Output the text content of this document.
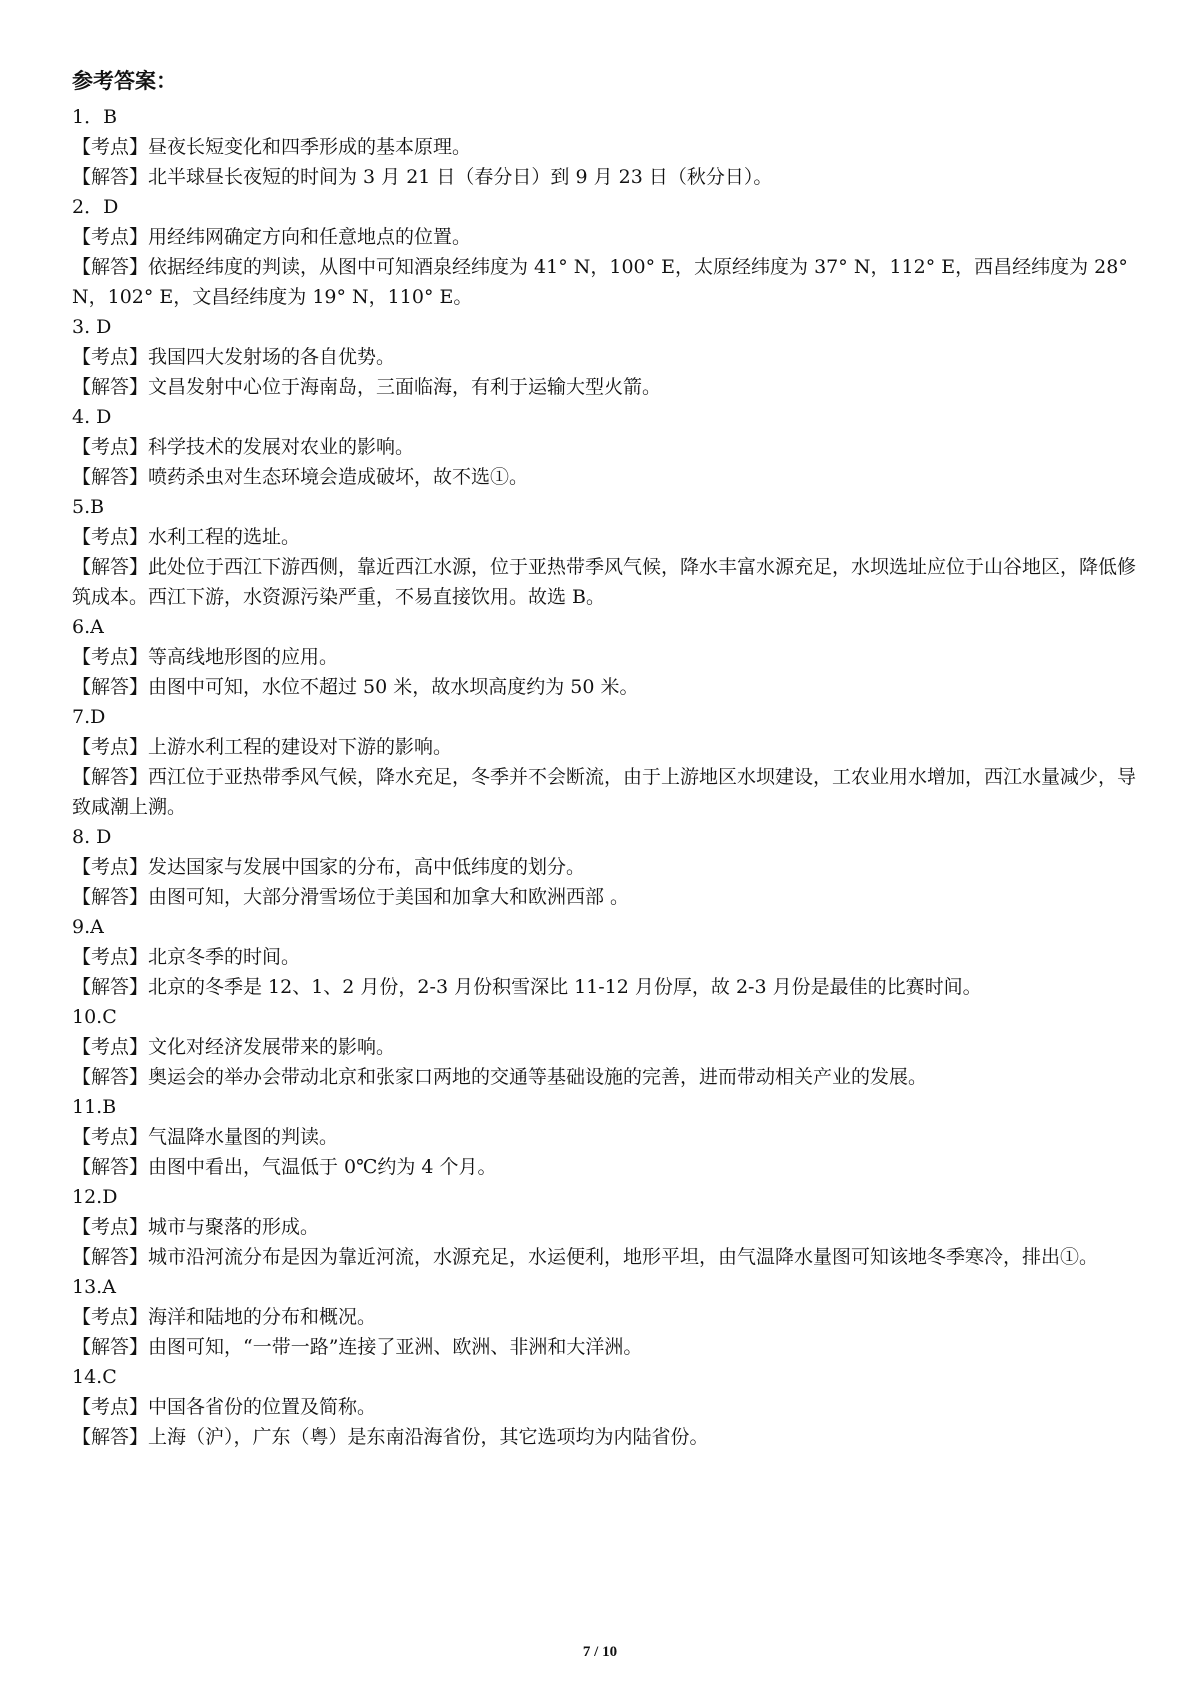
参考答案：
1．B
【考点】昼夜长短变化和四季形成的基本原理。
【解答】北半球昼长夜短的时间为 3 月 21 日（春分日）到 9 月 23 日（秋分日）。
2．D
【考点】用经纬网确定方向和任意地点的位置。
【解答】依据经纬度的判读，从图中可知酒泉经纬度为 41° N，100° E，太原经纬度为 37° N，112° E，西昌经纬度为 28° N，102° E，文昌经纬度为 19° N，110° E。
3. D
【考点】我国四大发射场的各自优势。
【解答】文昌发射中心位于海南岛，三面临海，有利于运输大型火箭。
4. D
【考点】科学技术的发展对农业的影响。
【解答】喷药杀虫对生态环境会造成破坏，故不选①。
5.B
【考点】水利工程的选址。
【解答】此处位于西江下游西侧，靠近西江水源，位于亚热带季风气候，降水丰富水源充足，水坝选址应位于山谷地区，降低修筑成本。西江下游，水资源污染严重，不易直接饮用。故选 B。
6.A
【考点】等高线地形图的应用。
【解答】由图中可知，水位不超过 50 米，故水坝高度约为 50 米。
7.D
【考点】上游水利工程的建设对下游的影响。
【解答】西江位于亚热带季风气候，降水充足，冬季并不会断流，由于上游地区水坝建设，工农业用水增加，西江水量减少，导致咸潮上溯。
8. D
【考点】发达国家与发展中国家的分布，高中低纬度的划分。
【解答】由图可知，大部分滑雪场位于美国和加拿大和欧洲西部 。
9.A
【考点】北京冬季的时间。
【解答】北京的冬季是 12、1、2 月份，2-3 月份积雪深比 11-12 月份厚，故 2-3 月份是最佳的比赛时间。
10.C
【考点】文化对经济发展带来的影响。
【解答】奥运会的举办会带动北京和张家口两地的交通等基础设施的完善，进而带动相关产业的发展。
11.B
【考点】气温降水量图的判读。
【解答】由图中看出，气温低于 0℃约为 4 个月。
12.D
【考点】城市与聚落的形成。
【解答】城市沿河流分布是因为靠近河流，水源充足，水运便利，地形平坦，由气温降水量图可知该地冬季寒冷，排出①。
13.A
【考点】海洋和陆地的分布和概况。
【解答】由图可知，“一带一路”连接了亚洲、欧洲、非洲和大洋洲。
14.C
【考点】中国各省份的位置及简称。
【解答】上海（沪），广东（粤）是东南沿海省份，其它选项均为内陆省份。
7 / 10
